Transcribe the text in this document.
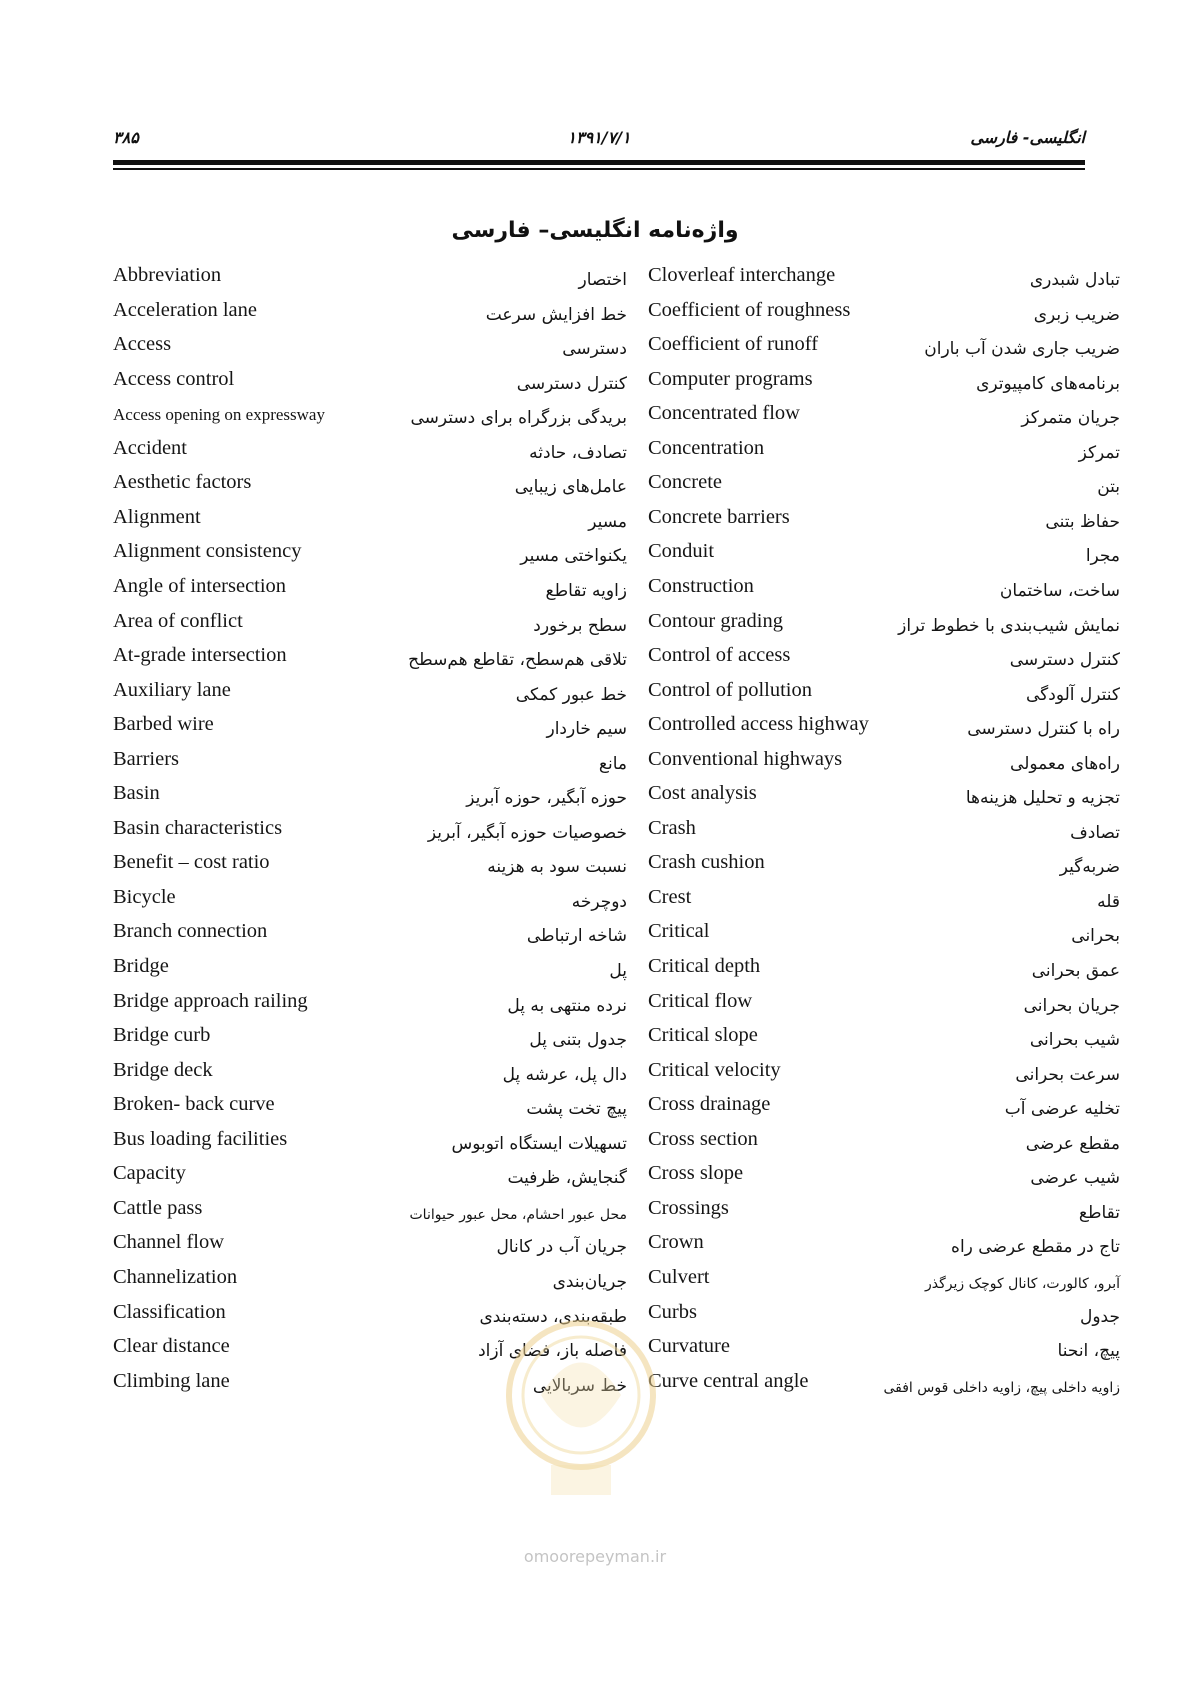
انگلیسی- فارسی
۱۳۹۱/۷/۱
۳۸۵
واژه‌نامه انگلیسی– فارسی
Abbreviation	اختصار
Acceleration lane	خط افزایش سرعت
Access	دسترسی
Access control	کنترل دسترسی
Access opening on expressway	بریدگی بزرگراه برای دسترسی
Accident	تصادف، حادثه
Aesthetic factors	عامل‌های زیبایی
Alignment	مسیر
Alignment consistency	یکنواختی مسیر
Angle of intersection	زاویه تقاطع
Area of conflict	سطح برخورد
At-grade intersection	تلاقی هم‌سطح، تقاطع هم‌سطح
Auxiliary lane	خط عبور کمکی
Barbed wire	سیم خاردار
Barriers	مانع
Basin	حوزه آبگیر، حوزه آبریز
Basin characteristics	خصوصیات حوزه آبگیر، آبریز
Benefit – cost ratio	نسبت سود به هزینه
Bicycle	دوچرخه
Branch connection	شاخه ارتباطی
Bridge	پل
Bridge approach railing	نرده منتهی به پل
Bridge curb	جدول بتنی پل
Bridge deck	دال پل، عرشه پل
Broken- back curve	پیچ تخت پشت
Bus loading facilities	تسهیلات ایستگاه اتوبوس
Capacity	گنجایش، ظرفیت
Cattle pass	محل عبور احشام، محل عبور حیوانات
Channel flow	جریان آب در کانال
Channelization	جریان‌بندی
Classification	طبقه‌بندی، دسته‌بندی
Clear distance	فاصله باز، فضای آزاد
Climbing lane	خط سربالایی
Cloverleaf interchange	تبادل شبدری
Coefficient of roughness	ضریب زبری
Coefficient of runoff	ضریب جاری شدن آب باران
Computer programs	برنامه‌های کامپیوتری
Concentrated flow	جریان متمرکز
Concentration	تمرکز
Concrete	بتن
Concrete barriers	حفاظ بتنی
Conduit	مجرا
Construction	ساخت، ساختمان
Contour grading	نمایش شیب‌بندی با خطوط تراز
Control of access	کنترل دسترسی
Control of pollution	کنترل آلودگی
Controlled access highway	راه با کنترل دسترسی
Conventional highways	راه‌های معمولی
Cost analysis	تجزیه و تحلیل هزینه‌ها
Crash	تصادف
Crash cushion	ضربه‌گیر
Crest	قله
Critical	بحرانی
Critical depth	عمق بحرانی
Critical flow	جریان بحرانی
Critical slope	شیب بحرانی
Critical velocity	سرعت بحرانی
Cross drainage	تخلیه عرضی آب
Cross section	مقطع عرضی
Cross slope	شیب عرضی
Crossings	تقاطع
Crown	تاج در مقطع عرضی راه
Culvert	آبرو، کالورت، کانال کوچک زیرگذر
Curbs	جدول
Curvature	پیچ، انحنا
Curve central angle	زاویه داخلی پیچ، زاویه داخلی قوس افقی
omoorepeyman.ir
